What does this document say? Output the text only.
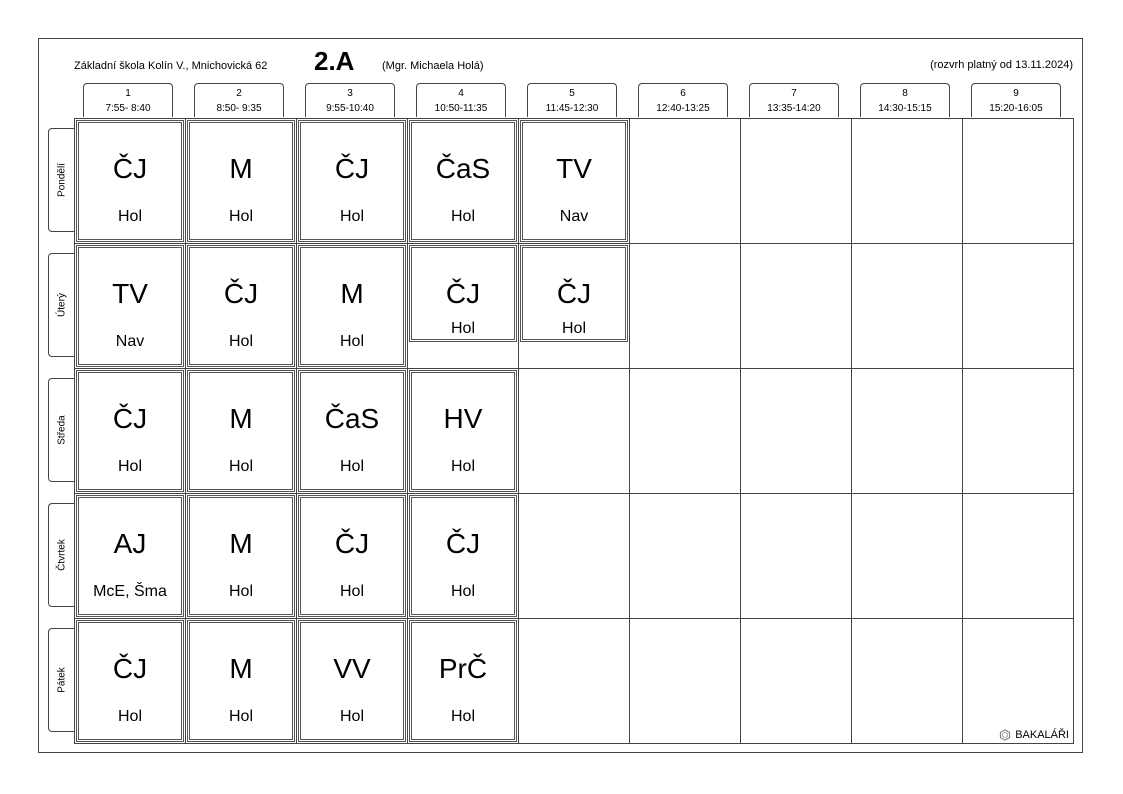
Základní škola Kolín V., Mnichovická 62 2.A	(Mgr. Michaela Holá)	(rozvrh platný od 13.11.2024)
1
7:55- 8:40
2
8:50- 9:35
3
9:55-10:40
4
10:50-11:35
5
11:45-12:30
6
12:40-13:25
7
13:35-14:20
8
14:30-15:15
9
15:20-16:05
Pondělí
Úterý
Středa
Čtvrtek
Pátek
ČJ
Hol
M
Hol
ČJ
Hol
ČaS
Hol
TV
Nav
TV
Nav
ČJ
Hol
M
Hol
ČJ
Hol
ČJ
Hol
ČJ
Hol
M
Hol
ČaS
Hol
HV
Hol
AJ
McE, Šma
M
Hol
ČJ
Hol
ČJ
Hol
ČJ
Hol
M
Hol
VV
Hol
PrČ
Hol
BAKALÁŘI
